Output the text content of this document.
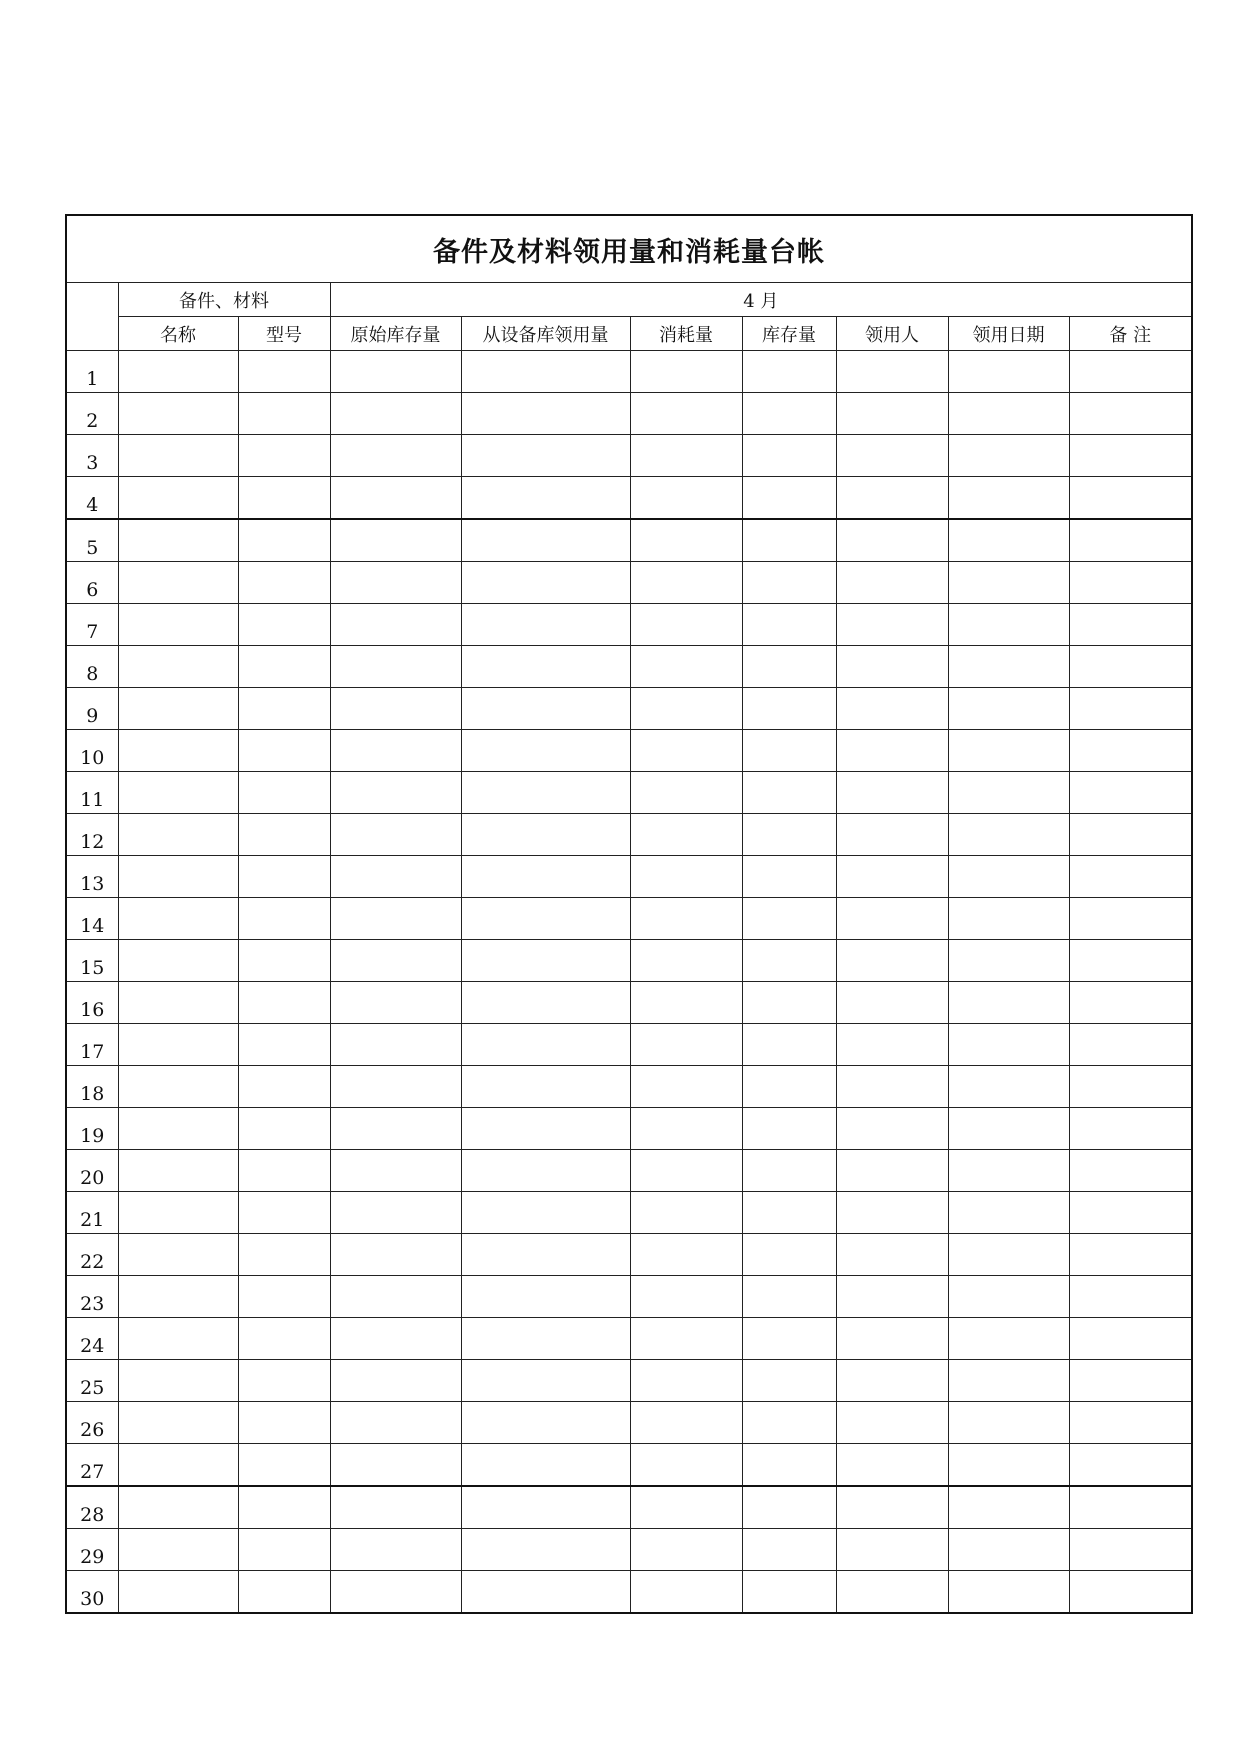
备件及材料领用量和消耗量台帐									
	备件、材料		4 月						
	名称	型号	原始库存量	从设备库领用量	消耗量	库存量	领用人	领用日期	备 注
1									
2									
3									
4									
5									
6									
7									
8									
9									
10									
11									
12									
13									
14									
15									
16									
17									
18									
19									
20									
21									
22									
23									
24									
25									
26									
27									
28									
29									
30									
